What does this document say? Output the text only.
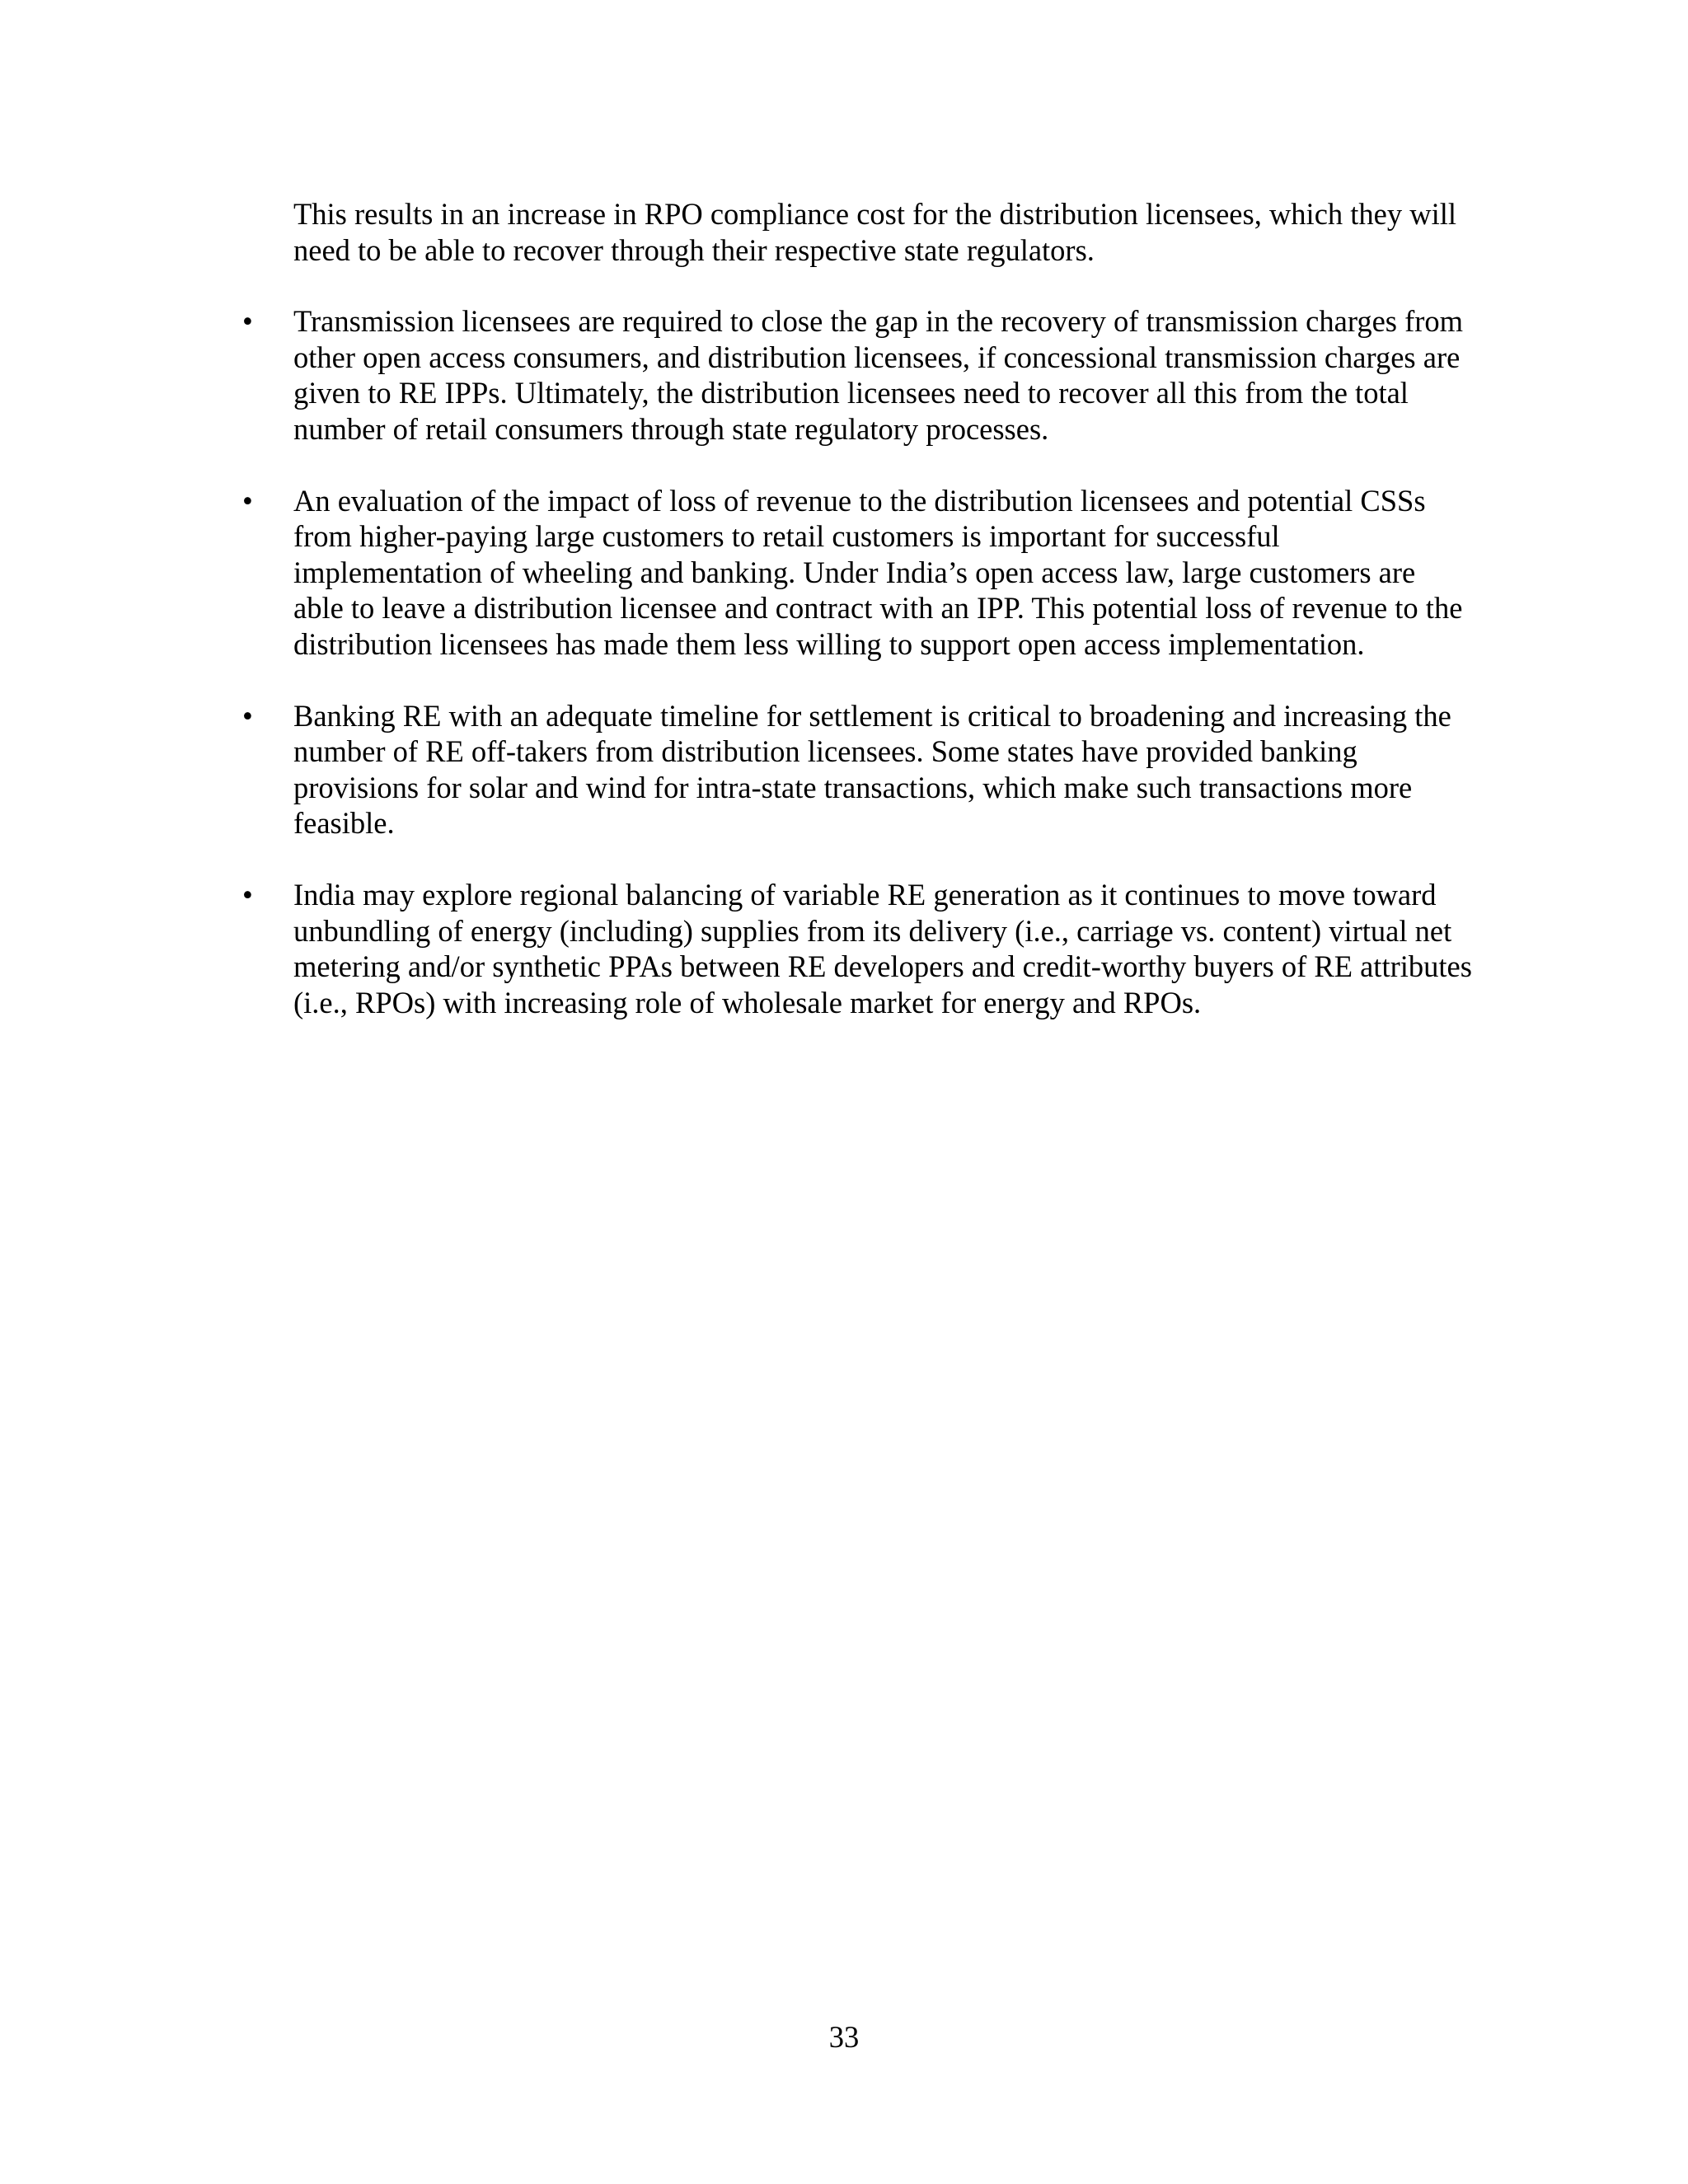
This results in an increase in RPO compliance cost for the distribution licensees, which they will need to be able to recover through their respective state regulators.

• Transmission licensees are required to close the gap in the recovery of transmission charges from other open access consumers, and distribution licensees, if concessional transmission charges are given to RE IPPs. Ultimately, the distribution licensees need to recover all this from the total number of retail consumers through state regulatory processes.

• An evaluation of the impact of loss of revenue to the distribution licensees and potential CSSs from higher-paying large customers to retail customers is important for successful implementation of wheeling and banking. Under India’s open access law, large customers are able to leave a distribution licensee and contract with an IPP. This potential loss of revenue to the distribution licensees has made them less willing to support open access implementation.

• Banking RE with an adequate timeline for settlement is critical to broadening and increasing the number of RE off-takers from distribution licensees. Some states have provided banking provisions for solar and wind for intra-state transactions, which make such transactions more feasible.

• India may explore regional balancing of variable RE generation as it continues to move toward unbundling of energy (including) supplies from its delivery (i.e., carriage vs. content) virtual net metering and/or synthetic PPAs between RE developers and credit-worthy buyers of RE attributes (i.e., RPOs) with increasing role of wholesale market for energy and RPOs.

33
